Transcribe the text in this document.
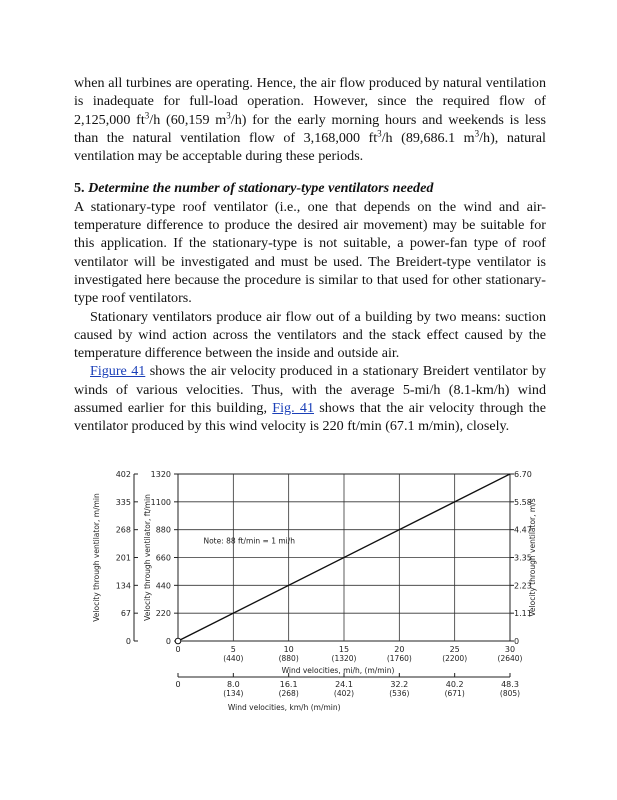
when all turbines are operating. Hence, the air flow produced by natural ventilation is inadequate for full-load operation. However, since the required flow of 2,125,000 $ft^3/h$ (60,159 $m^3/h$) for the early morning hours and weekends is less than the natural ventilation flow of 3,168,000 $ft^3/h$ (89,686.1 $m^3/h$), natural ventilation may be acceptable during these periods.

5. Determine the number of stationary-type ventilators needed

A stationary-type roof ventilator (i.e., one that depends on the wind and air-temperature difference to produce the desired air movement) may be suitable for this application. If the stationary-type is not suitable, a power-fan type of roof ventilator will be investigated and must be used. The Breidert-type ventilator is investigated here because the procedure is similar to that used for other stationary-type roof ventilators.

Stationary ventilators produce air flow out of a building by two means: suction caused by wind action across the ventilators and the stack effect caused by the temperature difference between the inside and outside air.

Figure 41 shows the air velocity produced in a stationary Breidert ventilator by winds of various velocities. Thus, with the average 5-mi/h (8.1-km/h) wind assumed earlier for this building, Fig. 41 shows that the air velocity through the ventilator produced by this wind velocity is 220 ft/min (67.1 m/min), closely.

0
220
440
660
880
1100
1320
0
67
134
201
268
335
402
0
1.11
2.23
3.35
4.47
5.58
6.70
Velocity through ventilator, m/min	Velocity through ventilator, ft/min	Velocity through ventilator, m/s
0	5
(440)
10
(880)
15
(1320)
20
(1760)
25
(2200)
30
(2640)
Wind velocities, mi/h, (m/min)
Note: 88 ft/min = 1 mi/h
0	8.0
(134)
16.1
(268)
24.1
(402)
32.2
(536)
40.2
(671)
48.3
(805)
Wind velocities, km/h (m/min)
